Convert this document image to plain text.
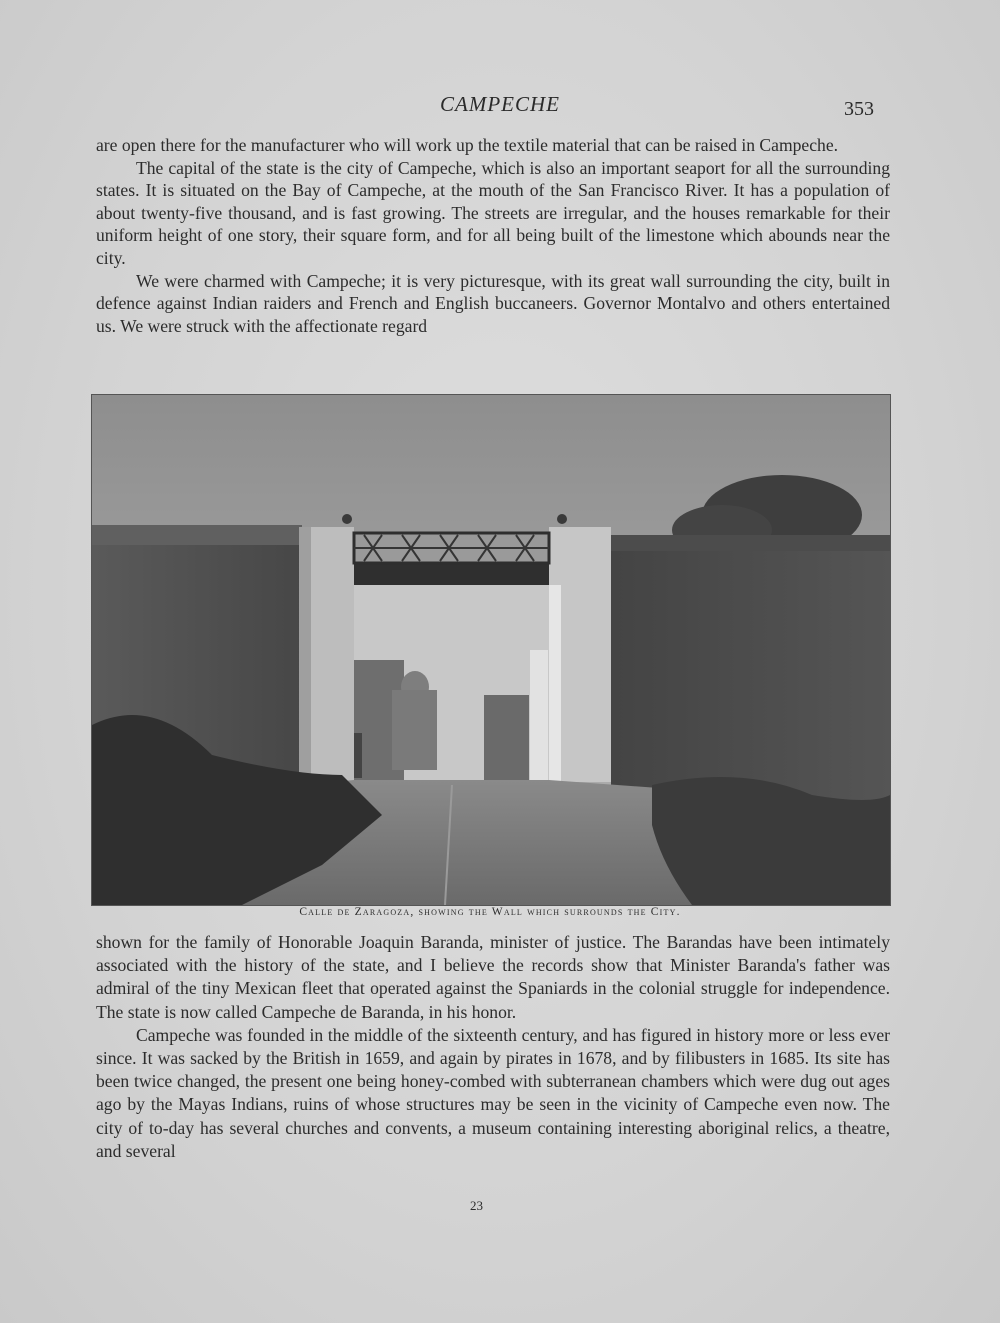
CAMPECHE	353

are open there for the manufacturer who will work up the textile material that can be raised in Campeche.

The capital of the state is the city of Campeche, which is also an important seaport for all the surrounding states. It is situated on the Bay of Campeche, at the mouth of the San Francisco River. It has a population of about twenty-five thousand, and is fast growing. The streets are irregular, and the houses remarkable for their uniform height of one story, their square form, and for all being built of the limestone which abounds near the city.

We were charmed with Campeche; it is very picturesque, with its great wall surrounding the city, built in defence against Indian raiders and French and English buccaneers. Governor Montalvo and others entertained us. We were struck with the affectionate regard

Calle de Zaragoza, showing the Wall which surrounds the City.

shown for the family of Honorable Joaquin Baranda, minister of justice. The Barandas have been intimately associated with the history of the state, and I believe the records show that Minister Baranda's father was admiral of the tiny Mexican fleet that operated against the Spaniards in the colonial struggle for independence. The state is now called Campeche de Baranda, in his honor.

Campeche was founded in the middle of the sixteenth century, and has figured in history more or less ever since. It was sacked by the British in 1659, and again by pirates in 1678, and by filibusters in 1685. Its site has been twice changed, the present one being honey-combed with subterranean chambers which were dug out ages ago by the Mayas Indians, ruins of whose structures may be seen in the vicinity of Campeche even now. The city of to-day has several churches and convents, a museum containing interesting aboriginal relics, a theatre, and several

23
